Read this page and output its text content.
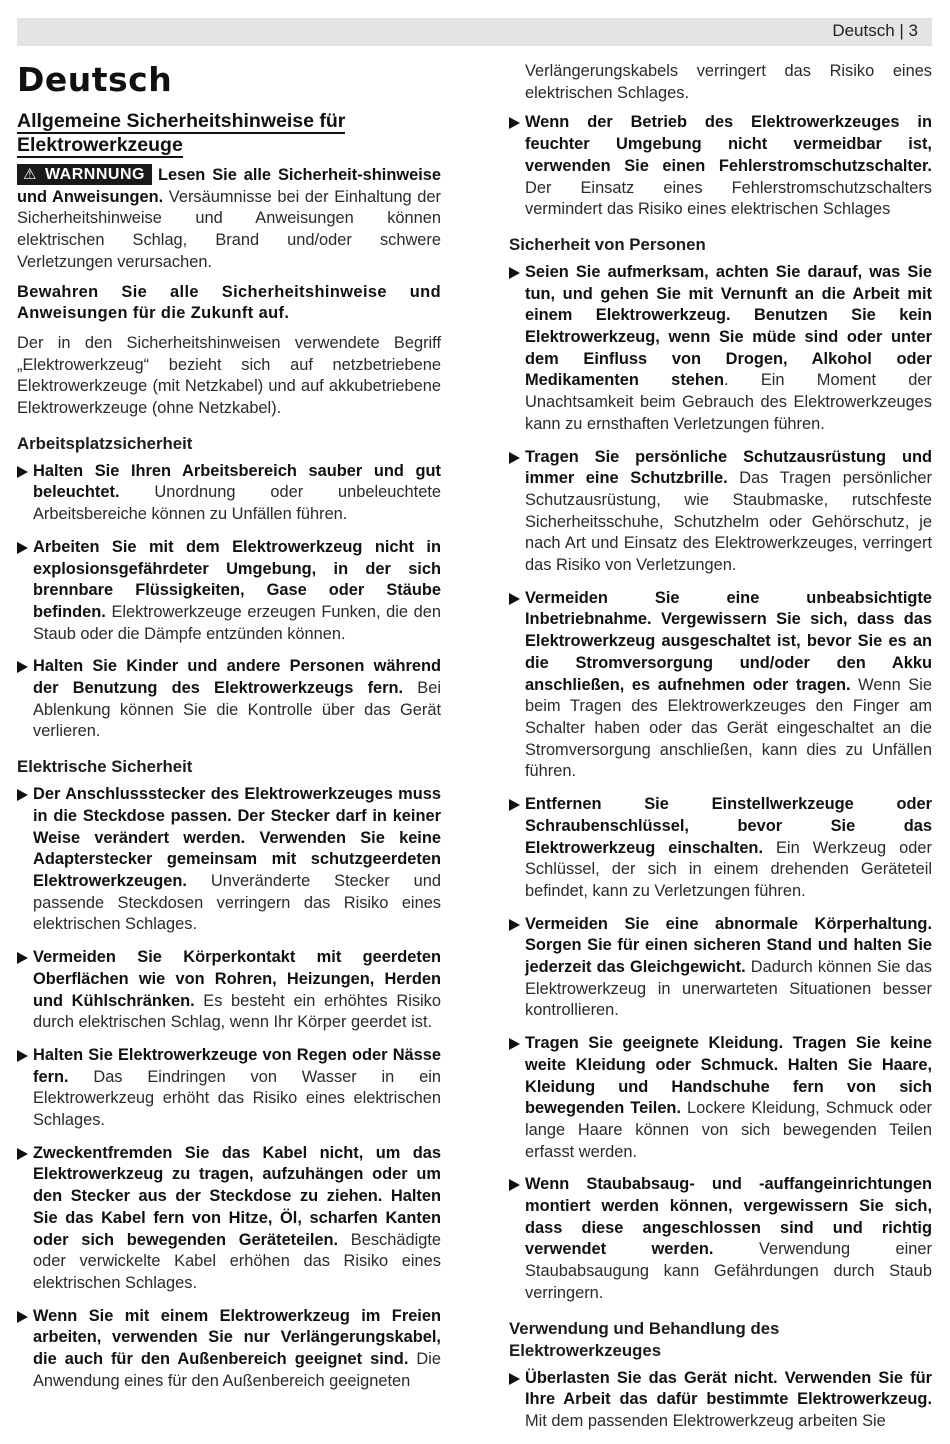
Deutsch | 3
Deutsch
Allgemeine Sicherheitshinweise für
Elektrowerkzeuge

⚠ WARNNUNG Lesen Sie alle Sicherheit-shinweise und Anweisungen. Versäumnisse bei der Einhaltung der Sicherheitshinweise und Anweisungen können elektrischen Schlag, Brand und/oder schwere Verletzungen verursachen.

Bewahren Sie alle Sicherheitshinweise und Anweisungen für die Zukunft auf.

Der in den Sicherheitshinweisen verwendete Begriff „Elektrowerkzeug“ bezieht sich auf netzbetriebene Elektrowerkzeuge (mit Netzkabel) und auf akkubetriebene Elektrowerkzeuge (ohne Netzkabel).

Arbeitsplatzsicherheit

Halten Sie Ihren Arbeitsbereich sauber und gut beleuchtet. Unordnung oder unbeleuchtete Arbeitsbereiche können zu Unfällen führen.

Arbeiten Sie mit dem Elektrowerkzeug nicht in explosionsgefährdeter Umgebung, in der sich brennbare Flüssigkeiten, Gase oder Stäube befinden. Elektrowerkzeuge erzeugen Funken, die den Staub oder die Dämpfe entzünden können.

Halten Sie Kinder und andere Personen während der Benutzung des Elektrowerkzeugs fern. Bei Ablenkung können Sie die Kontrolle über das Gerät verlieren.

Elektrische Sicherheit

Der Anschlussstecker des Elektrowerkzeuges muss in die Steckdose passen. Der Stecker darf in keiner Weise verändert werden. Verwenden Sie keine Adapterstecker gemeinsam mit schutzgeerdeten Elektrowerkzeugen. Unveränderte Stecker und passende Steckdosen verringern das Risiko eines elektrischen Schlages.

Vermeiden Sie Körperkontakt mit geerdeten Oberflächen wie von Rohren, Heizungen, Herden und Kühlschränken. Es besteht ein erhöhtes Risiko durch elektrischen Schlag, wenn Ihr Körper geerdet ist.

Halten Sie Elektrowerkzeuge von Regen oder Nässe fern. Das Eindringen von Wasser in ein Elektrowerkzeug erhöht das Risiko eines elektrischen Schlages.

Zweckentfremden Sie das Kabel nicht, um das Elektrowerkzeug zu tragen, aufzuhängen oder um den Stecker aus der Steckdose zu ziehen. Halten Sie das Kabel fern von Hitze, Öl, scharfen Kanten oder sich bewegenden Geräteteilen. Beschädigte oder verwickelte Kabel erhöhen das Risiko eines elektrischen Schlages.

Wenn Sie mit einem Elektrowerkzeug im Freien arbeiten, verwenden Sie nur Verlängerungskabel, die auch für den Außenbereich geeignet sind. Die Anwendung eines für den Außenbereich geeigneten

Verlängerungskabels verringert das Risiko eines elektrischen Schlages.

Wenn der Betrieb des Elektrowerkzeuges in feuchter Umgebung nicht vermeidbar ist, verwenden Sie einen Fehlerstromschutzschalter. Der Einsatz eines Fehlerstromschutzschalters vermindert das Risiko eines elektrischen Schlages

Sicherheit von Personen

Seien Sie aufmerksam, achten Sie darauf, was Sie tun, und gehen Sie mit Vernunft an die Arbeit mit einem Elektrowerkzeug. Benutzen Sie kein Elektrowerkzeug, wenn Sie müde sind oder unter dem Einfluss von Drogen, Alkohol oder Medikamenten stehen. Ein Moment der Unachtsamkeit beim Gebrauch des Elektrowerkzeuges kann zu ernsthaften Verletzungen führen.

Tragen Sie persönliche Schutzausrüstung und immer eine Schutzbrille. Das Tragen persönlicher Schutzausrüstung, wie Staubmaske, rutschfeste Sicherheitsschuhe, Schutzhelm oder Gehörschutz, je nach Art und Einsatz des Elektrowerkzeuges, verringert das Risiko von Verletzungen.

Vermeiden Sie eine unbeabsichtigte Inbetriebnahme. Vergewissern Sie sich, dass das Elektrowerkzeug ausgeschaltet ist, bevor Sie es an die Stromversorgung und/oder den Akku anschließen, es aufnehmen oder tragen. Wenn Sie beim Tragen des Elektrowerkzeuges den Finger am Schalter haben oder das Gerät eingeschaltet an die Stromversorgung anschließen, kann dies zu Unfällen führen.

Entfernen Sie Einstellwerkzeuge oder Schraubenschlüssel, bevor Sie das Elektrowerkzeug einschalten. Ein Werkzeug oder Schlüssel, der sich in einem drehenden Geräteteil befindet, kann zu Verletzungen führen.

Vermeiden Sie eine abnormale Körperhaltung. Sorgen Sie für einen sicheren Stand und halten Sie jederzeit das Gleichgewicht. Dadurch können Sie das Elektrowerkzeug in unerwarteten Situationen besser kontrollieren.

Tragen Sie geeignete Kleidung. Tragen Sie keine weite Kleidung oder Schmuck. Halten Sie Haare, Kleidung und Handschuhe fern von sich bewegenden Teilen. Lockere Kleidung, Schmuck oder lange Haare können von sich bewegenden Teilen erfasst werden.

Wenn Staubabsaug- und -auffangeinrichtungen montiert werden können, vergewissern Sie sich, dass diese angeschlossen sind und richtig verwendet werden. Verwendung einer Staubabsaugung kann Gefährdungen durch Staub verringern.

Verwendung und Behandlung des Elektrowerkzeuges

Überlasten Sie das Gerät nicht. Verwenden Sie für Ihre Arbeit das dafür bestimmte Elektrowerkzeug. Mit dem passenden Elektrowerkzeug arbeiten Sie
